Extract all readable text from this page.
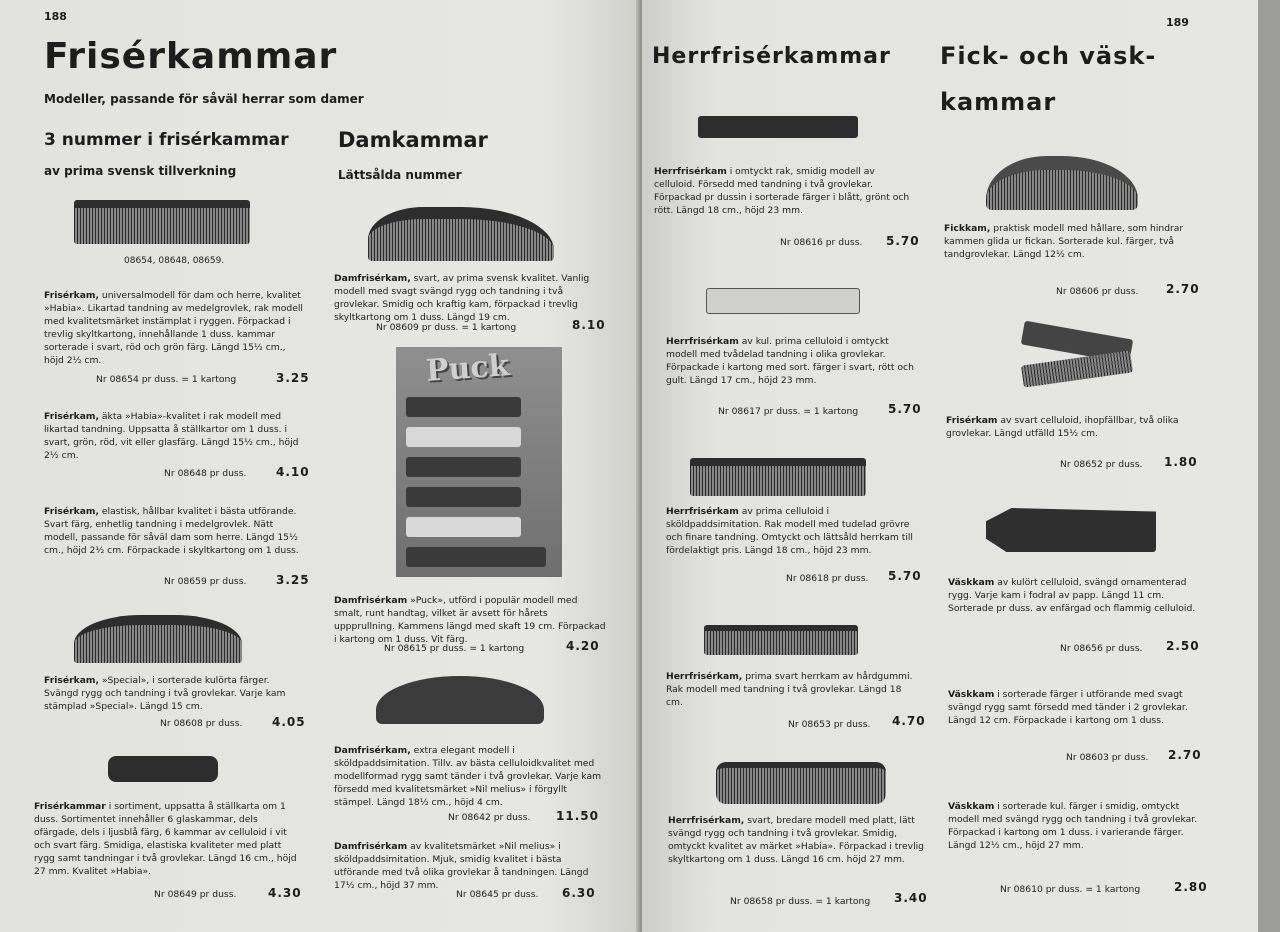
188
Frisérkammar
Modeller, passande för såväl herrar som damer
3 nummer i frisérkammar
av prima svensk tillverkning
Damkammar
Lättsålda nummer
08654, 08648, 08659.
Frisérkam, universalmodell för dam och herre, kvalitet »Habia». Likartad tandning av medelgrovlek, rak modell med kvalitetsmärket instämplat i ryggen. Förpackad i trevlig skyltkartong, innehållande 1 duss. kammar sorterade i svart, röd och grön färg. Längd 15½ cm., höjd 2½ cm.
Nr 08654 pr duss. = 1 kartong	3.25
Frisérkam, äkta »Habia»-kvalitet i rak modell med likartad tandning. Uppsatta å ställkartor om 1 duss. i svart, grön, röd, vit eller glasfärg. Längd 15½ cm., höjd 2½ cm.
Nr 08648 pr duss. 4.10
Frisérkam, elastisk, hållbar kvalitet i bästa utförande. Svart färg, enhetlig tandning i medelgrovlek. Nätt modell, passande för såväl dam som herre. Längd 15½ cm., höjd 2½ cm. Förpackade i skyltkartong om 1 duss.
Nr 08659 pr duss. 3.25
Frisérkam, »Special», i sorterade kulörta färger. Svängd rygg och tandning i två grovlekar. Varje kam stämplad »Special». Längd 15 cm.
Nr 08608 pr duss. 4.05
Frisérkammar i sortiment, uppsatta å ställkarta om 1 duss. Sortimentet innehåller 6 glaskammar, dels ofärgade, dels i ljusblå färg, 6 kammar av celluloid i vit och svart färg. Smidiga, elastiska kvaliteter med platt rygg samt tandningar i två grovlekar. Längd 16 cm., höjd 27 mm. Kvalitet »Habia».
Nr 08649 pr duss.	4.30
Damfrisérkam, svart, av prima svensk kvalitet. Vanlig modell med svagt svängd rygg och tandning i två grovlekar. Smidig och kraftig kam, förpackad i trevlig skyltkartong om 1 duss. Längd 19 cm.
Nr 08609 pr duss. = 1 kartong	8.10
Puck
Damfrisérkam »Puck», utförd i populär modell med smalt, runt handtag, vilket är avsett för hårets uppprullning. Kammens längd med skaft 19 cm. Förpackad i kartong om 1 duss. Vit färg.
Nr 08615 pr duss. = 1 kartong	4.20
Damfrisérkam, extra elegant modell i sköldpaddsimitation. Tillv. av bästa celluloidkvalitet med modellformad rygg samt tänder i två grovlekar. Varje kam försedd med kvalitetsmärket »Nil melius» i förgyllt stämpel. Längd 18½ cm., höjd 4 cm.
Nr 08642 pr duss. 11.50
Damfrisérkam av kvalitetsmärket »Nil melius» i sköldpaddsimitation. Mjuk, smidig kvalitet i bästa utförande med två olika grovlekar å tandningen. Längd 17½ cm., höjd 37 mm.
Nr 08645 pr duss. 6.30
189
Herrfrisérkammar Fick- och väsk-
kammar
Herrfrisérkam i omtyckt rak, smidig modell av celluloid. Försedd med tandning i två grovlekar. Förpackad pr dussin i sorterade färger i blått, grönt och rött. Längd 18 cm., höjd 23 mm.
Nr 08616 pr duss. 5.70
Herrfrisérkam av kul. prima celluloid i omtyckt modell med tvådelad tandning i olika grovlekar. Förpackade i kartong med sort. färger i svart, rött och gult. Längd 17 cm., höjd 23 mm.
Nr 08617 pr duss. = 1 kartong 5.70
Herrfrisérkam av prima celluloid i sköldpaddsimitation. Rak modell med tudelad grövre och finare tandning. Omtyckt och lättsåld herrkam till fördelaktigt pris. Längd 18 cm., höjd 23 mm.
Nr 08618 pr duss. 5.70
Herrfrisérkam, prima svart herrkam av hårdgummi. Rak modell med tandning i två grovlekar. Längd 18 cm.
Nr 08653 pr duss. 4.70
Herrfrisérkam, svart, bredare modell med platt, lätt svängd rygg och tandning i två grovlekar. Smidig, omtyckt kvalitet av märket »Habia». Förpackad i trevlig skyltkartong om 1 duss. Längd 16 cm. höjd 27 mm.
Nr 08658 pr duss. = 1 kartong 3.40
Fickkam, praktisk modell med hållare, som hindrar kammen glida ur fickan. Sorterade kul. färger, två tandgrovlekar. Längd 12½ cm.
Nr 08606 pr duss. 2.70
Frisérkam av svart celluloid, ihopfällbar, två olika grovlekar. Längd utfälld 15½ cm.
Nr 08652 pr duss. 1.80
Väskkam av kulört celluloid, svängd ornamenterad rygg. Varje kam i fodral av papp. Längd 11 cm. Sorterade pr duss. av enfärgad och flammig celluloid.
Nr 08656 pr duss. 2.50
Väskkam i sorterade färger i utförande med svagt svängd rygg samt försedd med tänder i 2 grovlekar. Längd 12 cm. Förpackade i kartong om 1 duss.
Nr 08603 pr duss. 2.70
Väskkam i sorterade kul. färger i smidig, omtyckt modell med svängd rygg och tandning i två grovlekar. Förpackad i kartong om 1 duss. i varierande färger. Längd 12½ cm., höjd 27 mm.
Nr 08610 pr duss. = 1 kartong	2.80
